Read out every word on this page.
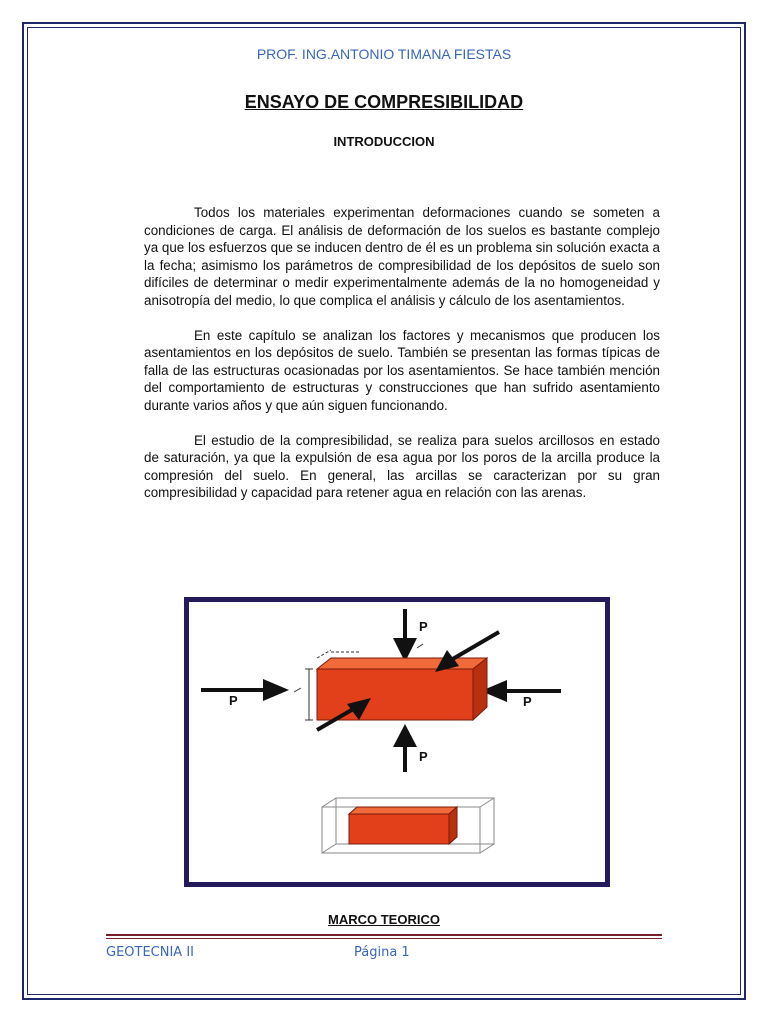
PROF. ING.ANTONIO TIMANA FIESTAS
ENSAYO DE COMPRESIBILIDAD
INTRODUCCION

Todos los materiales experimentan deformaciones cuando se someten a condiciones de carga. El análisis de deformación de los suelos es bastante complejo ya que los esfuerzos que se inducen dentro de él es un problema sin solución exacta a la fecha; asimismo los parámetros de compresibilidad de los depósitos de suelo son difíciles de determinar o medir experimentalmente además de la no homogeneidad y anisotropía del medio, lo que complica el análisis y cálculo de los asentamientos.

En este capítulo se analizan los factores y mecanismos que producen los asentamientos en los depósitos de suelo. También se presentan las formas típicas de falla de las estructuras ocasionadas por los asentamientos. Se hace también mención del comportamiento de estructuras y construcciones que han sufrido asentamiento durante varios años y que aún siguen funcionando.

El estudio de la compresibilidad, se realiza para suelos arcillosos en estado de saturación, ya que la expulsión de esa agua por los poros de la arcilla produce la compresión del suelo. En general, las arcillas se caracterizan por su gran compresibilidad y capacidad para retener agua en relación con las arenas.

P
P	P
P
MARCO TEORICO
GEOTECNIA II	Página 1
